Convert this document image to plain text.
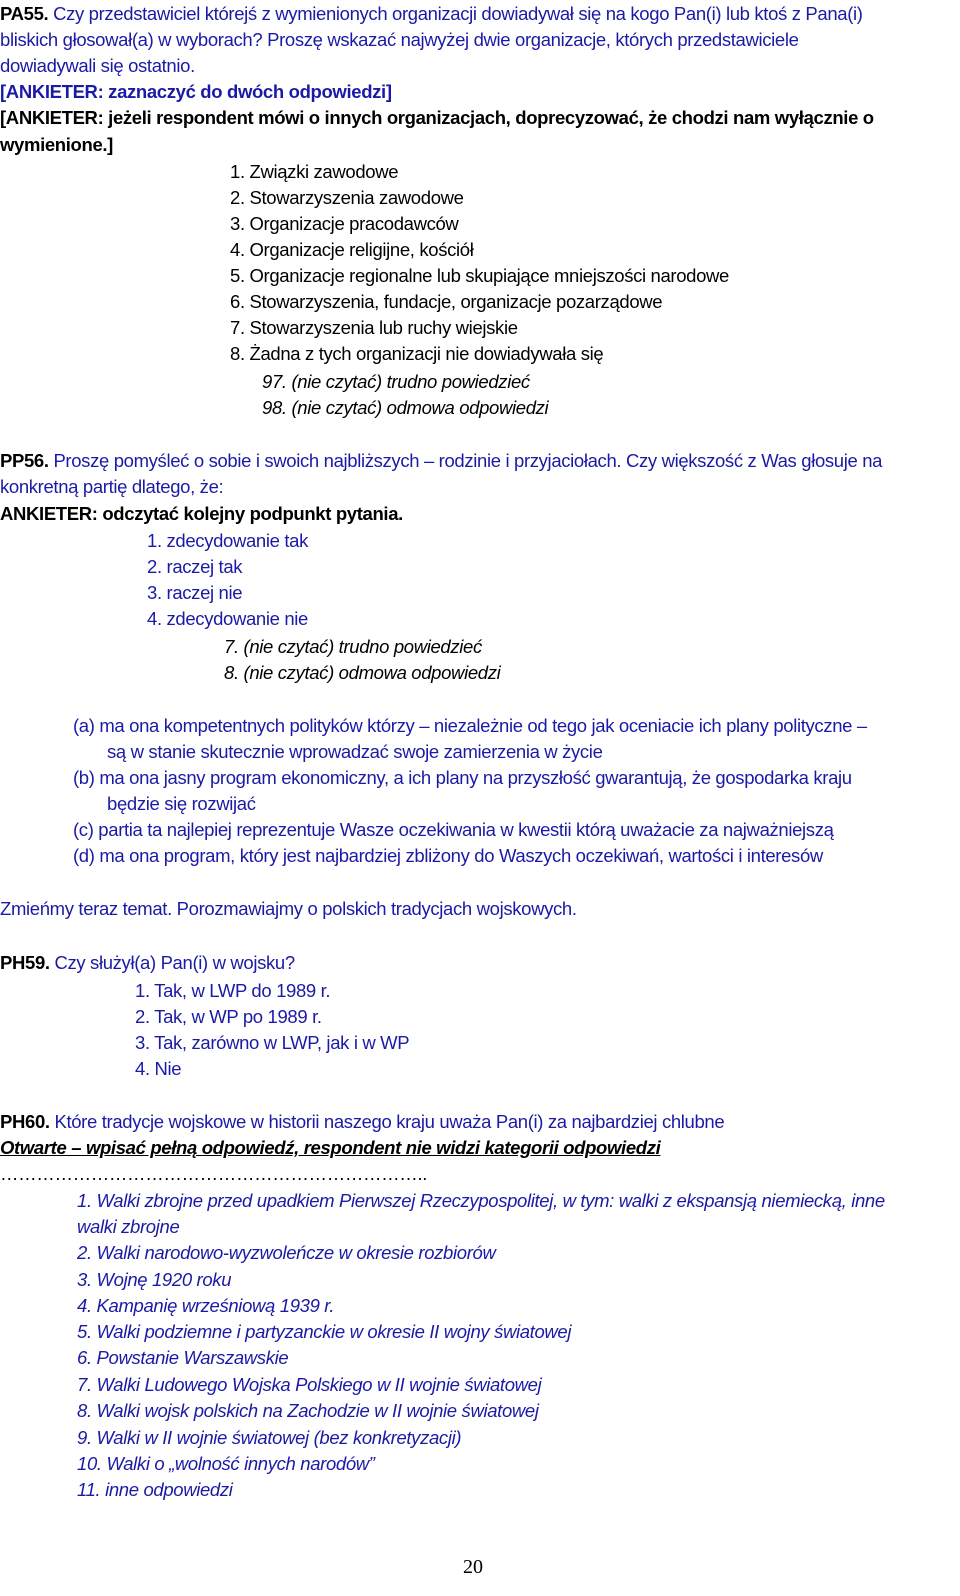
PA55. Czy przedstawiciel którejś z wymienionych organizacji dowiadywał się na kogo Pan(i) lub ktoś z Pana(i)
bliskich głosował(a) w wyborach? Proszę wskazać najwyżej dwie organizacje, których przedstawiciele
dowiadywali się ostatnio.
[ANKIETER: zaznaczyć do dwóch odpowiedzi]
[ANKIETER: jeżeli respondent mówi o innych organizacjach, doprecyzować, że chodzi nam wyłącznie o
wymienione.]
1. Związki zawodowe
2. Stowarzyszenia zawodowe
3. Organizacje pracodawców
4. Organizacje religijne, kościół
5. Organizacje regionalne lub skupiające mniejszości narodowe
6. Stowarzyszenia, fundacje, organizacje pozarządowe
7. Stowarzyszenia lub ruchy wiejskie
8. Żadna z tych organizacji nie dowiadywała się
97. (nie czytać) trudno powiedzieć
98. (nie czytać) odmowa odpowiedzi
PP56. Proszę pomyśleć o sobie i swoich najbliższych – rodzinie i przyjaciołach. Czy większość z Was głosuje na
konkretną partię dlatego, że:
ANKIETER: odczytać kolejny podpunkt pytania.
1. zdecydowanie tak
2. raczej tak
3. raczej nie
4. zdecydowanie nie
7. (nie czytać) trudno powiedzieć
8. (nie czytać) odmowa odpowiedzi
(a) ma ona kompetentnych polityków którzy – niezależnie od tego jak oceniacie ich plany polityczne –
są w stanie skutecznie wprowadzać swoje zamierzenia w życie
(b) ma ona jasny program ekonomiczny, a ich plany na przyszłość gwarantują, że gospodarka kraju
będzie się rozwijać
(c) partia ta najlepiej reprezentuje Wasze oczekiwania w kwestii którą uważacie za najważniejszą
(d) ma ona program, który jest najbardziej zbliżony do Waszych oczekiwań, wartości i interesów
Zmieńmy teraz temat. Porozmawiajmy o polskich tradycjach wojskowych.
PH59. Czy służył(a) Pan(i) w wojsku?
1. Tak, w LWP do 1989 r.
2. Tak, w WP po 1989 r.
3. Tak, zarówno w LWP, jak i w WP
4. Nie
PH60. Które tradycje wojskowe w historii naszego kraju uważa Pan(i) za najbardziej chlubne
Otwarte – wpisać pełną odpowiedź, respondent nie widzi kategorii odpowiedzi
……………………………………………………………..
1. Walki zbrojne przed upadkiem Pierwszej Rzeczypospolitej, w tym: walki z ekspansją niemiecką, inne
walki zbrojne
2. Walki narodowo-wyzwoleńcze w okresie rozbiorów
3. Wojnę 1920 roku
4. Kampanię wrześniową 1939 r.
5. Walki podziemne i partyzanckie w okresie II wojny światowej
6. Powstanie Warszawskie
7. Walki Ludowego Wojska Polskiego w II wojnie światowej
8. Walki wojsk polskich na Zachodzie w II wojnie światowej
9. Walki w II wojnie światowej (bez konkretyzacji)
10. Walki o „wolność innych narodów”
11. inne odpowiedzi
20
